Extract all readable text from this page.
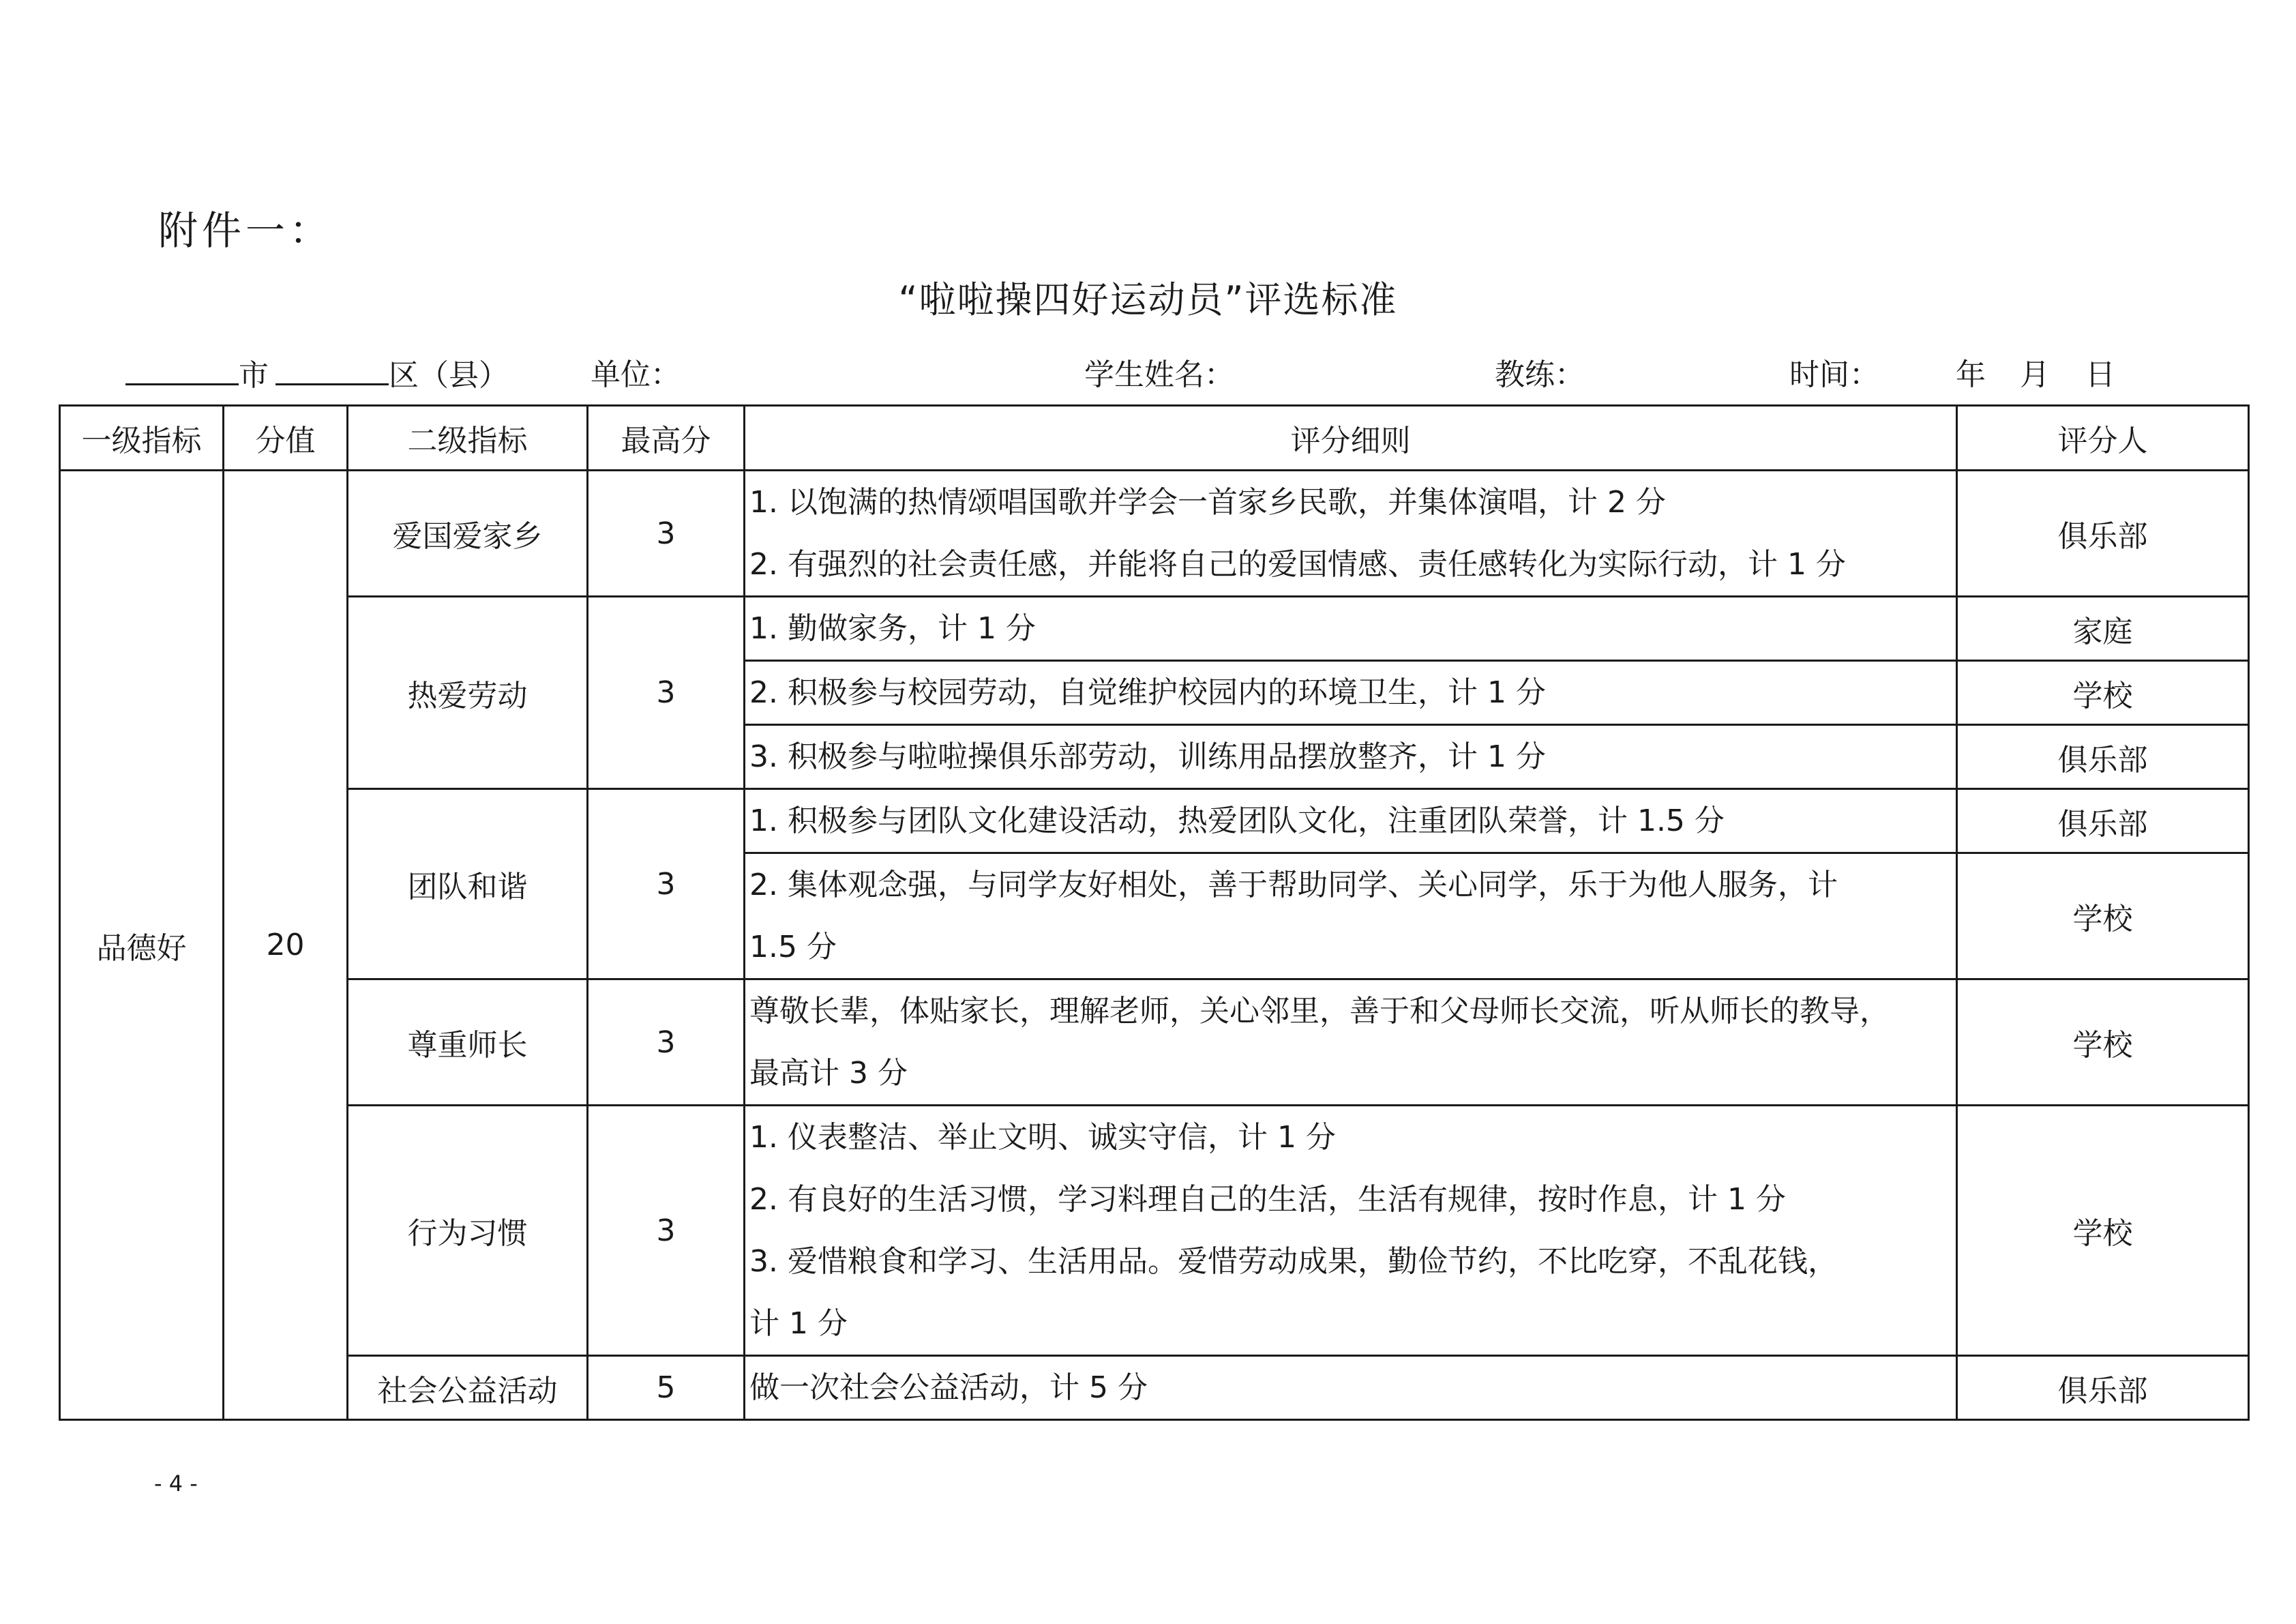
附件一：
“啦啦操四好运动员”评选标准
市	区（县）	单位：	学生姓名：	教练：	时间：	年 月 日
一级指标	分值	二级指标	最高分	评分细则	评分人
品德好	20	爱国爱家乡	3	1. 以饱满的热情颂唱国歌并学会一首家乡民歌，并集体演唱，计 2 分
2. 有强烈的社会责任感，并能将自己的爱国情感、责任感转化为实际行动，计 1 分	俱乐部
		热爱劳动	3	1. 勤做家务，计 1 分	家庭

				2. 积极参与校园劳动，自觉维护校园内的环境卫生，计 1 分	学校

				3. 积极参与啦啦操俱乐部劳动，训练用品摆放整齐，计 1 分	俱乐部
		团队和谐	3	1. 积极参与团队文化建设活动，热爱团队文化，注重团队荣誉，计 1.5 分	俱乐部

				2. 集体观念强，与同学友好相处，善于帮助同学、关心同学，乐于为他人服务，计
1.5 分	学校
		尊重师长	3	尊敬长辈，体贴家长，理解老师，关心邻里，善于和父母师长交流，听从师长的教导，
最高计 3 分	学校
		行为习惯	3	1. 仪表整洁、举止文明、诚实守信，计 1 分
2. 有良好的生活习惯，学习料理自己的生活，生活有规律，按时作息，计 1 分
3. 爱惜粮食和学习、生活用品。爱惜劳动成果，勤俭节约，不比吃穿，不乱花钱，
计 1 分	学校
		社会公益活动	5	做一次社会公益活动，计 5 分	俱乐部
- 4 -
